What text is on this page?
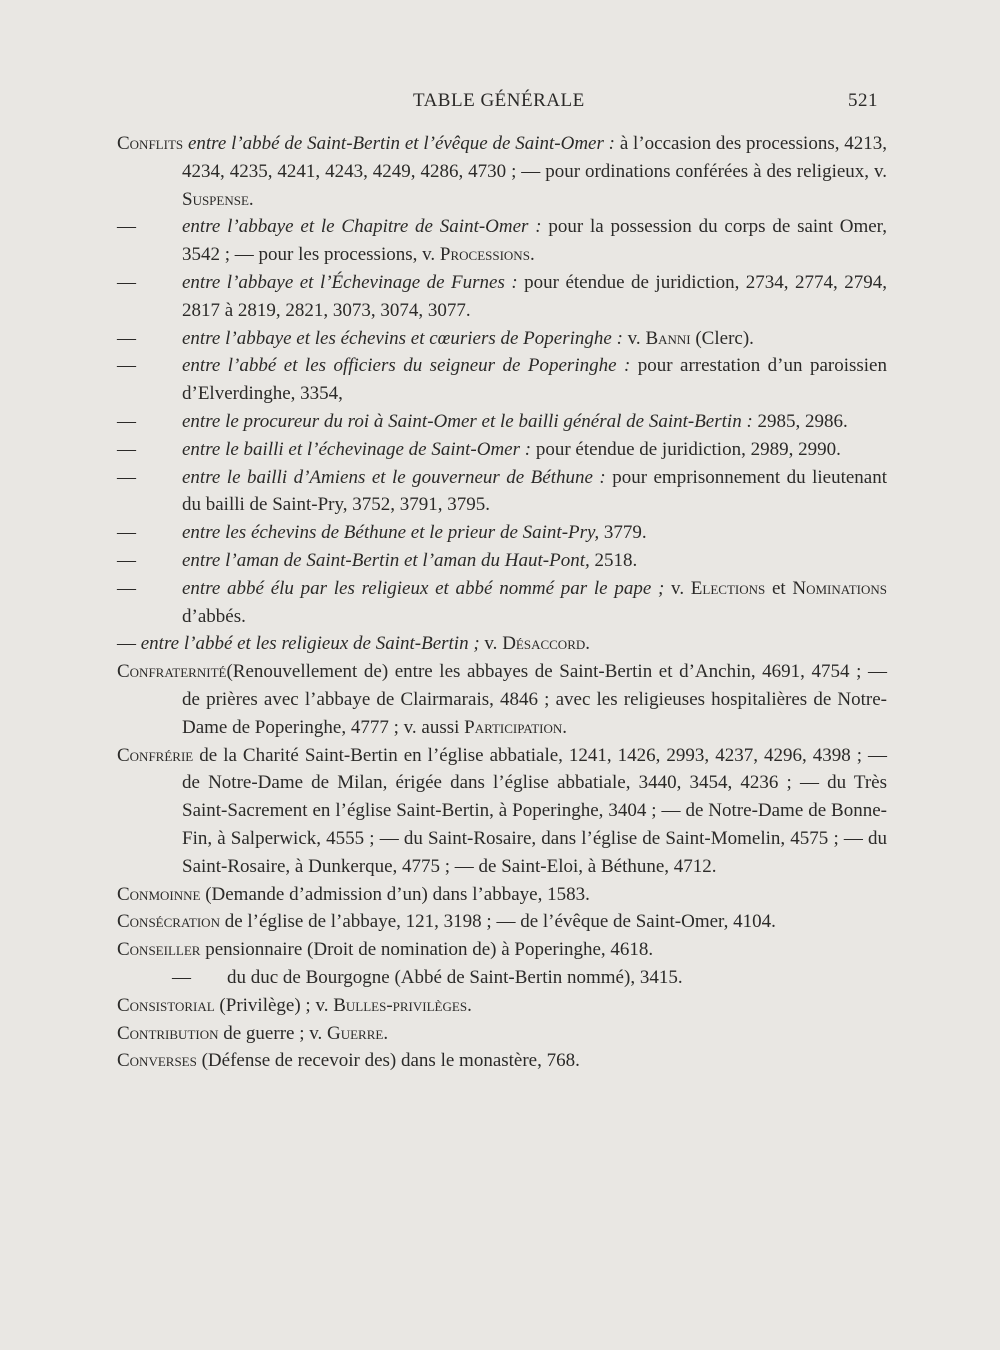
TABLE GÉNÉRALE	521

Conflits entre l’abbé de Saint-Bertin et l’évêque de Saint-Omer : à l’occasion des processions, 4213, 4234, 4235, 4241, 4243, 4249, 4286, 4730 ; — pour ordinations conférées à des religieux, v. Suspense.

—	entre l’abbaye et le Chapitre de Saint-Omer : pour la possession du corps de saint Omer, 3542 ; — pour les processions, v. Processions.

—	entre l’abbaye et l’Échevinage de Furnes : pour étendue de juridiction, 2734, 2774, 2794, 2817 à 2819, 2821, 3073, 3074, 3077.

—	entre l’abbaye et les échevins et cœuriers de Poperinghe : v. Banni (Clerc).

—	entre l’abbé et les officiers du seigneur de Poperinghe : pour arrestation d’un paroissien d’Elverdinghe, 3354,

—	entre le procureur du roi à Saint-Omer et le bailli général de Saint-Bertin : 2985, 2986.

—	entre le bailli et l’échevinage de Saint-Omer : pour étendue de juridiction, 2989, 2990.

—	entre le bailli d’Amiens et le gouverneur de Béthune : pour emprisonnement du lieutenant du bailli de Saint-Pry, 3752, 3791, 3795.

—	entre les échevins de Béthune et le prieur de Saint-Pry, 3779.

—	entre l’aman de Saint-Bertin et l’aman du Haut-Pont, 2518.

—	entre abbé élu par les religieux et abbé nommé par le pape ; v. Elections et Nominations d’abbés.

— entre l’abbé et les religieux de Saint-Bertin ; v. Désaccord.

Confraternité(Renouvellement de) entre les abbayes de Saint-Bertin et d’Anchin, 4691, 4754 ; — de prières avec l’abbaye de Clairmarais, 4846 ; avec les religieuses hospitalières de Notre-Dame de Poperinghe, 4777 ; v. aussi Participation.

Confrérie de la Charité Saint-Bertin en l’église abbatiale, 1241, 1426, 2993, 4237, 4296, 4398 ; — de Notre-Dame de Milan, érigée dans l’église abbatiale, 3440, 3454, 4236 ; — du Très Saint-Sacrement en l’église Saint-Bertin, à Poperinghe, 3404 ; — de Notre-Dame de Bonne-Fin, à Salperwick, 4555 ; — du Saint-Rosaire, dans l’église de Saint-Momelin, 4575 ; — du Saint-Rosaire, à Dunkerque, 4775 ; — de Saint-Eloi, à Béthune, 4712.

Conmoinne (Demande d’admission d’un) dans l’abbaye, 1583.

Consécration de l’église de l’abbaye, 121, 3198 ; — de l’évêque de Saint-Omer, 4104.

Conseiller pensionnaire (Droit de nomination de) à Poperinghe, 4618.

— du duc de Bourgogne (Abbé de Saint-Bertin nommé), 3415.

Consistorial (Privilège) ; v. Bulles-privilèges.

Contribution de guerre ; v. Guerre.

Converses (Défense de recevoir des) dans le monastère, 768.
